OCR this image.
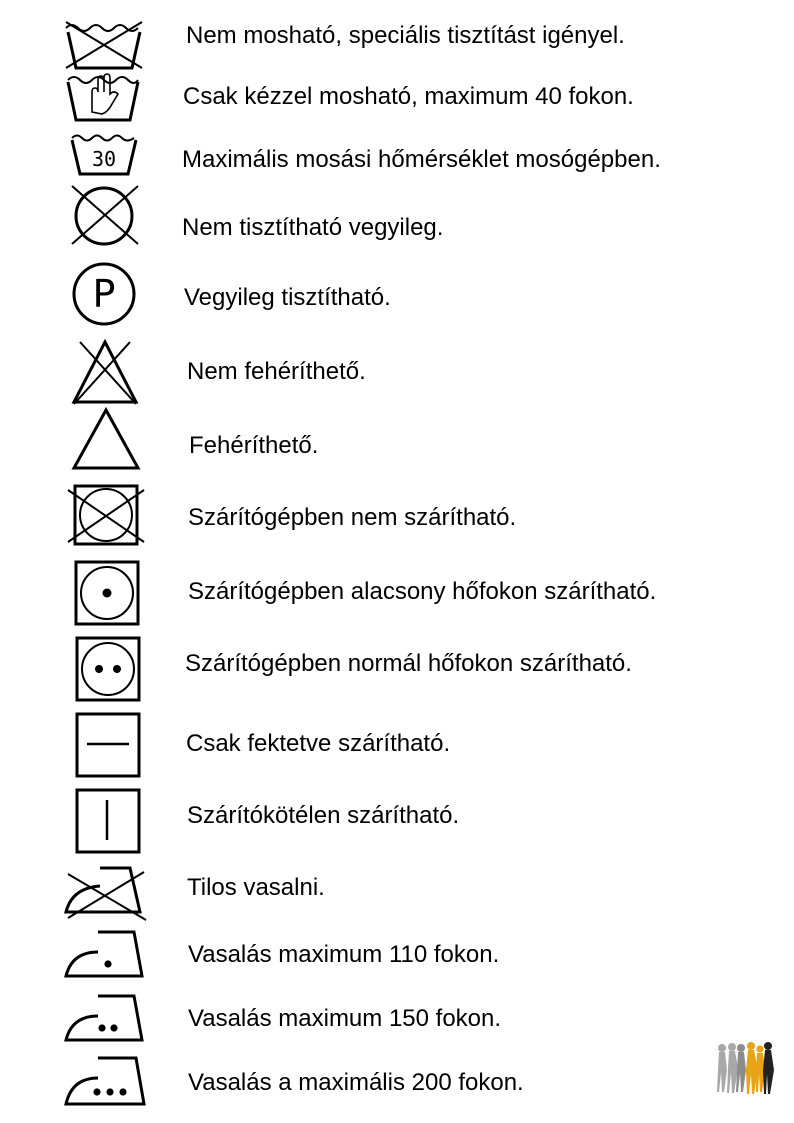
Nem mosható, speciális tisztítást igényel.
Csak kézzel mosható, maximum 40 fokon.
30	Maximális mosási hőmérséklet mosógépben.
Nem tisztítható vegyileg.
P	Vegyileg tisztítható.
Nem fehéríthető.
Fehéríthető.
Szárítógépben nem szárítható.
Szárítógépben alacsony hőfokon szárítható.
Szárítógépben normál hőfokon szárítható.
Csak fektetve szárítható.
Szárítókötélen szárítható.
Tilos vasalni.
Vasalás maximum 110 fokon.
Vasalás maximum 150 fokon.
Vasalás a maximális 200 fokon.
